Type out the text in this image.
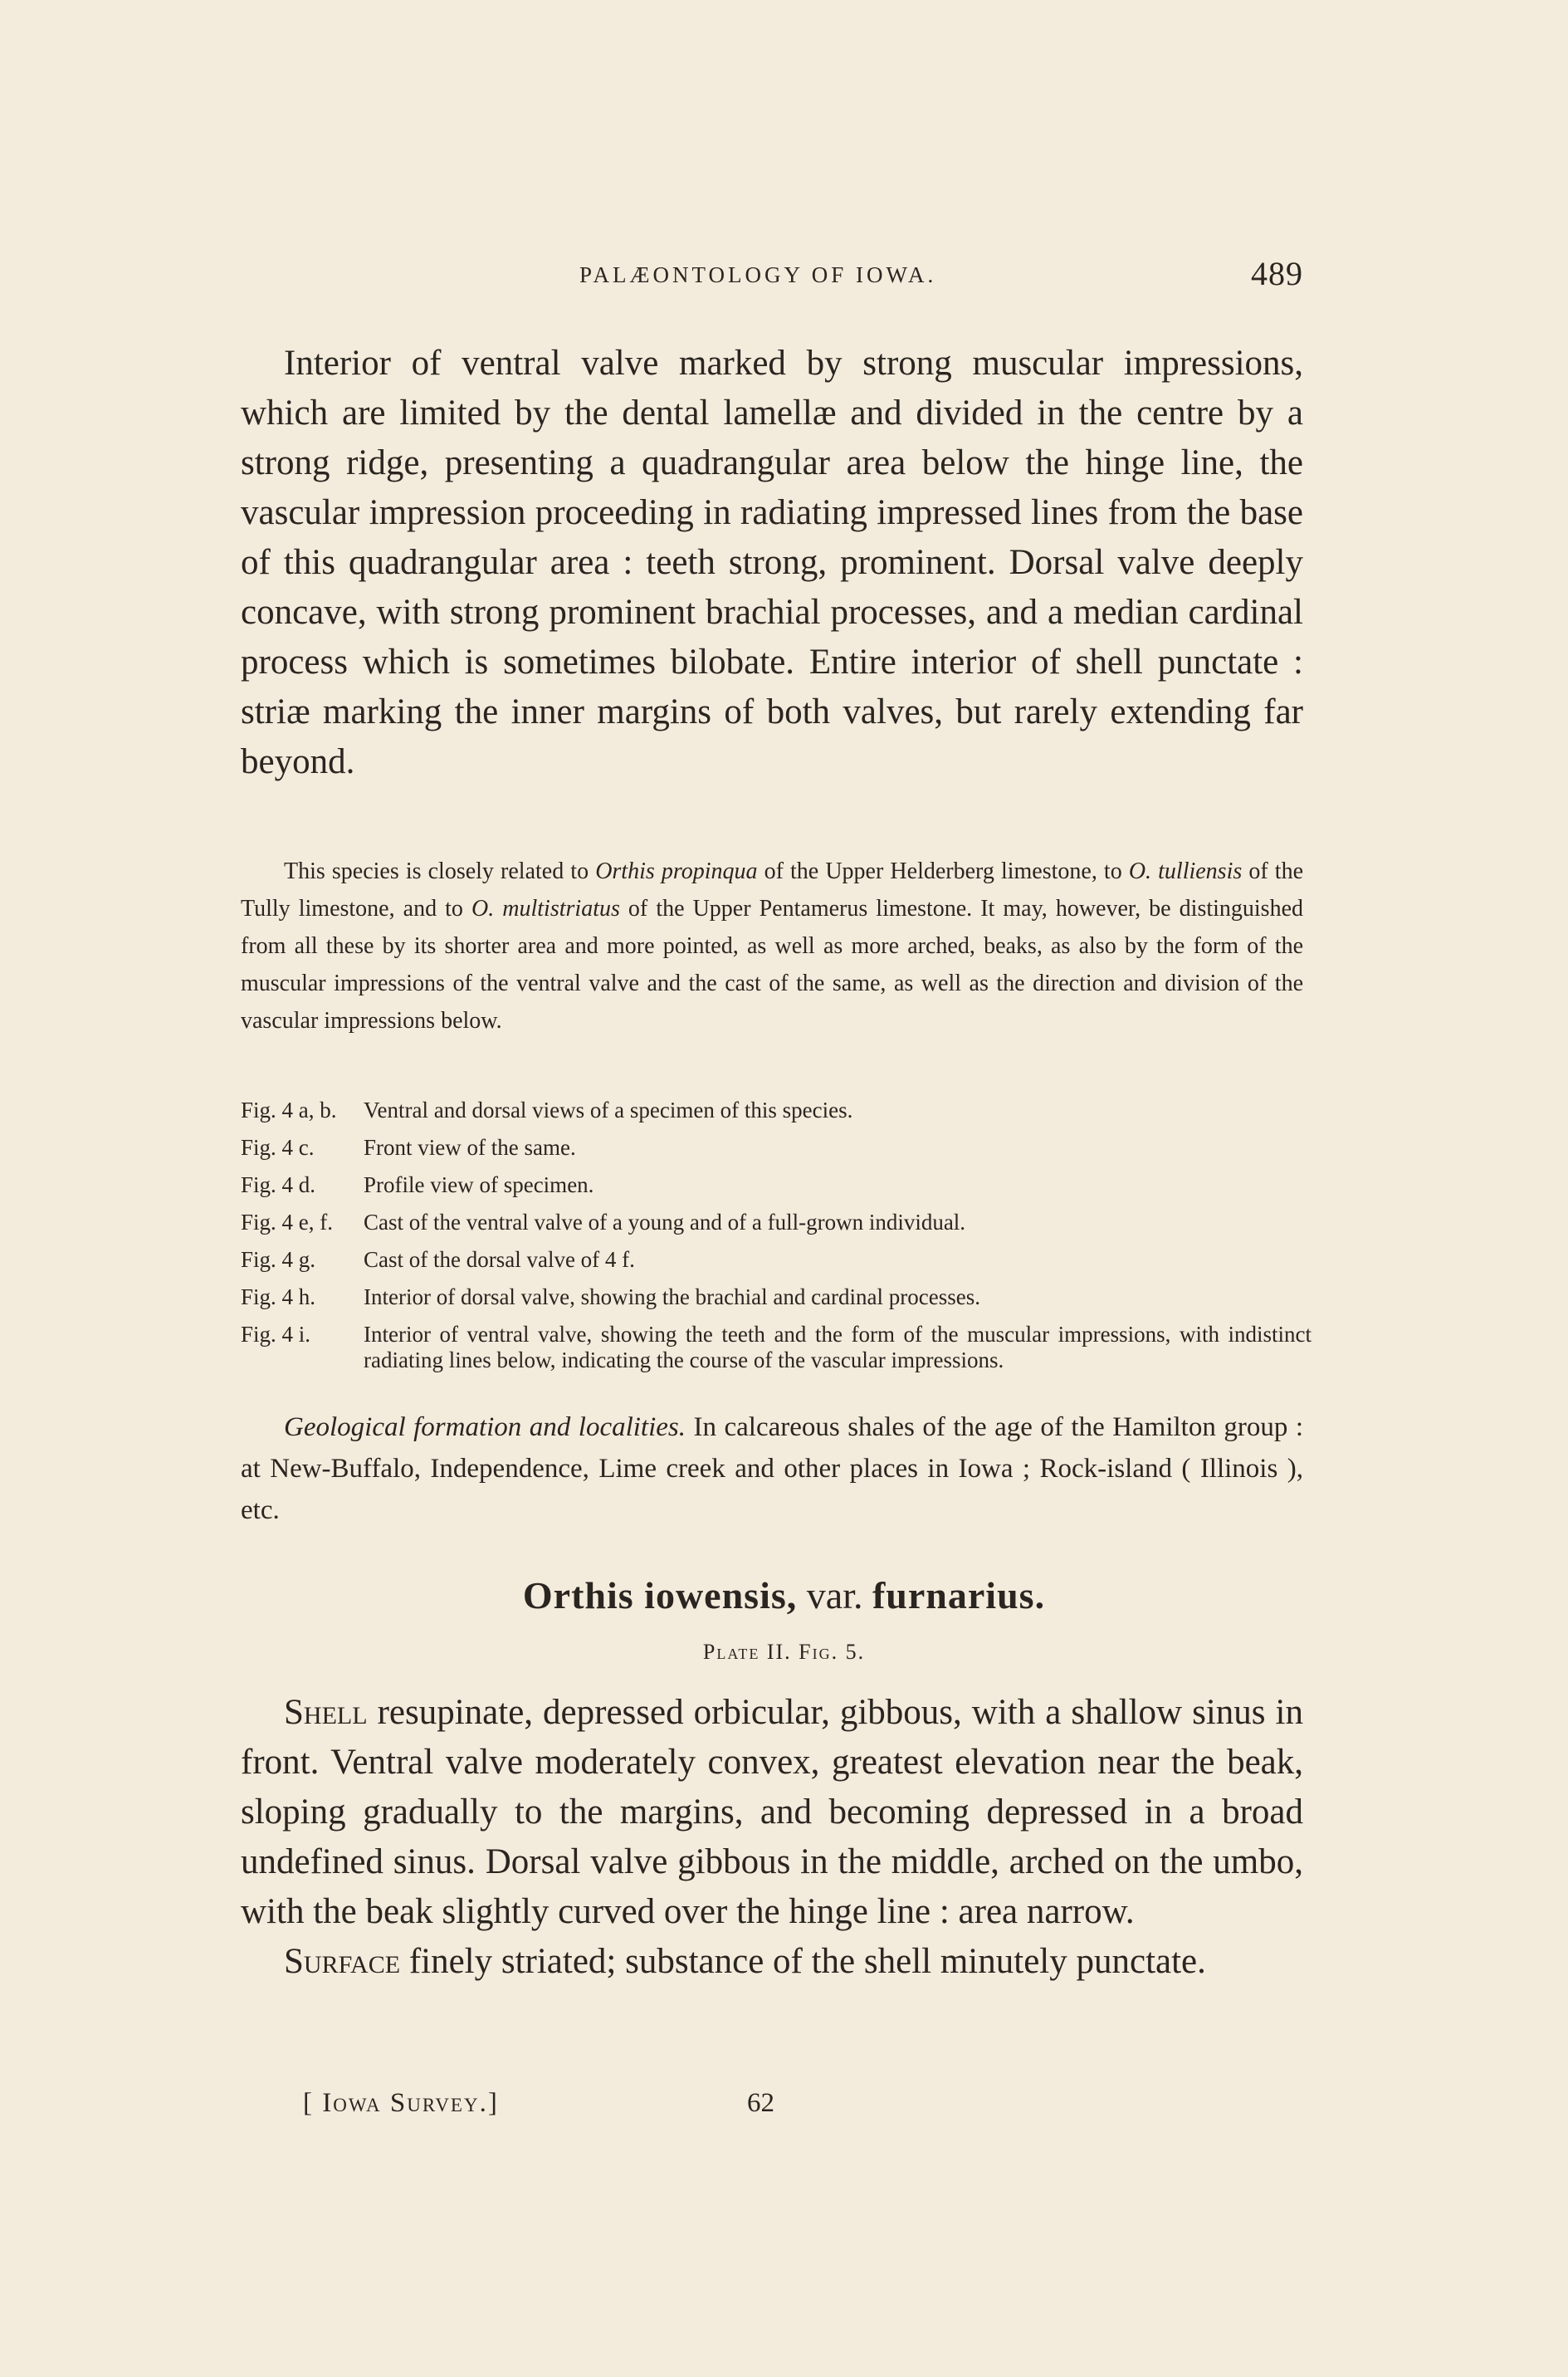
PALÆONTOLOGY OF IOWA.	489

Interior of ventral valve marked by strong muscular impressions, which are limited by the dental lamellæ and divided in the centre by a strong ridge, presenting a quadrangular area below the hinge line, the vascular impression proceeding in radiating impressed lines from the base of this quadrangular area : teeth strong, prominent. Dorsal valve deeply concave, with strong prominent brachial processes, and a median cardinal process which is sometimes bilobate. Entire interior of shell punctate : striæ marking the inner margins of both valves, but rarely extending far beyond.

This species is closely related to Orthis propinqua of the Upper Helderberg limestone, to O. tulliensis of the Tully limestone, and to O. multistriatus of the Upper Pentamerus limestone. It may, however, be distinguished from all these by its shorter area and more pointed, as well as more arched, beaks, as also by the form of the muscular impressions of the ventral valve and the cast of the same, as well as the direction and division of the vascular impressions below.

Fig. 4 a, b.	Ventral and dorsal views of a specimen of this species.
Fig. 4 c.	Front view of the same.
Fig. 4 d.	Profile view of specimen.
Fig. 4 e, f.	Cast of the ventral valve of a young and of a full-grown individual.
Fig. 4 g.	Cast of the dorsal valve of 4 f.
Fig. 4 h.	Interior of dorsal valve, showing the brachial and cardinal processes.
Fig. 4 i.	Interior of ventral valve, showing the teeth and the form of the muscular impressions, with indistinct radiating lines below, indicating the course of the vascular impressions.

Geological formation and localities. In calcareous shales of the age of the Hamilton group : at New-Buffalo, Independence, Lime creek and other places in Iowa ; Rock-island ( Illinois ), etc.

Orthis iowensis, var. furnarius.
Plate II. Fig. 5.

Shell resupinate, depressed orbicular, gibbous, with a shallow sinus in front. Ventral valve moderately convex, greatest elevation near the beak, sloping gradually to the margins, and becoming depressed in a broad undefined sinus. Dorsal valve gibbous in the middle, arched on the umbo, with the beak slightly curved over the hinge line : area narrow.

Surface finely striated; substance of the shell minutely punctate.

[ Iowa Survey.]	62
